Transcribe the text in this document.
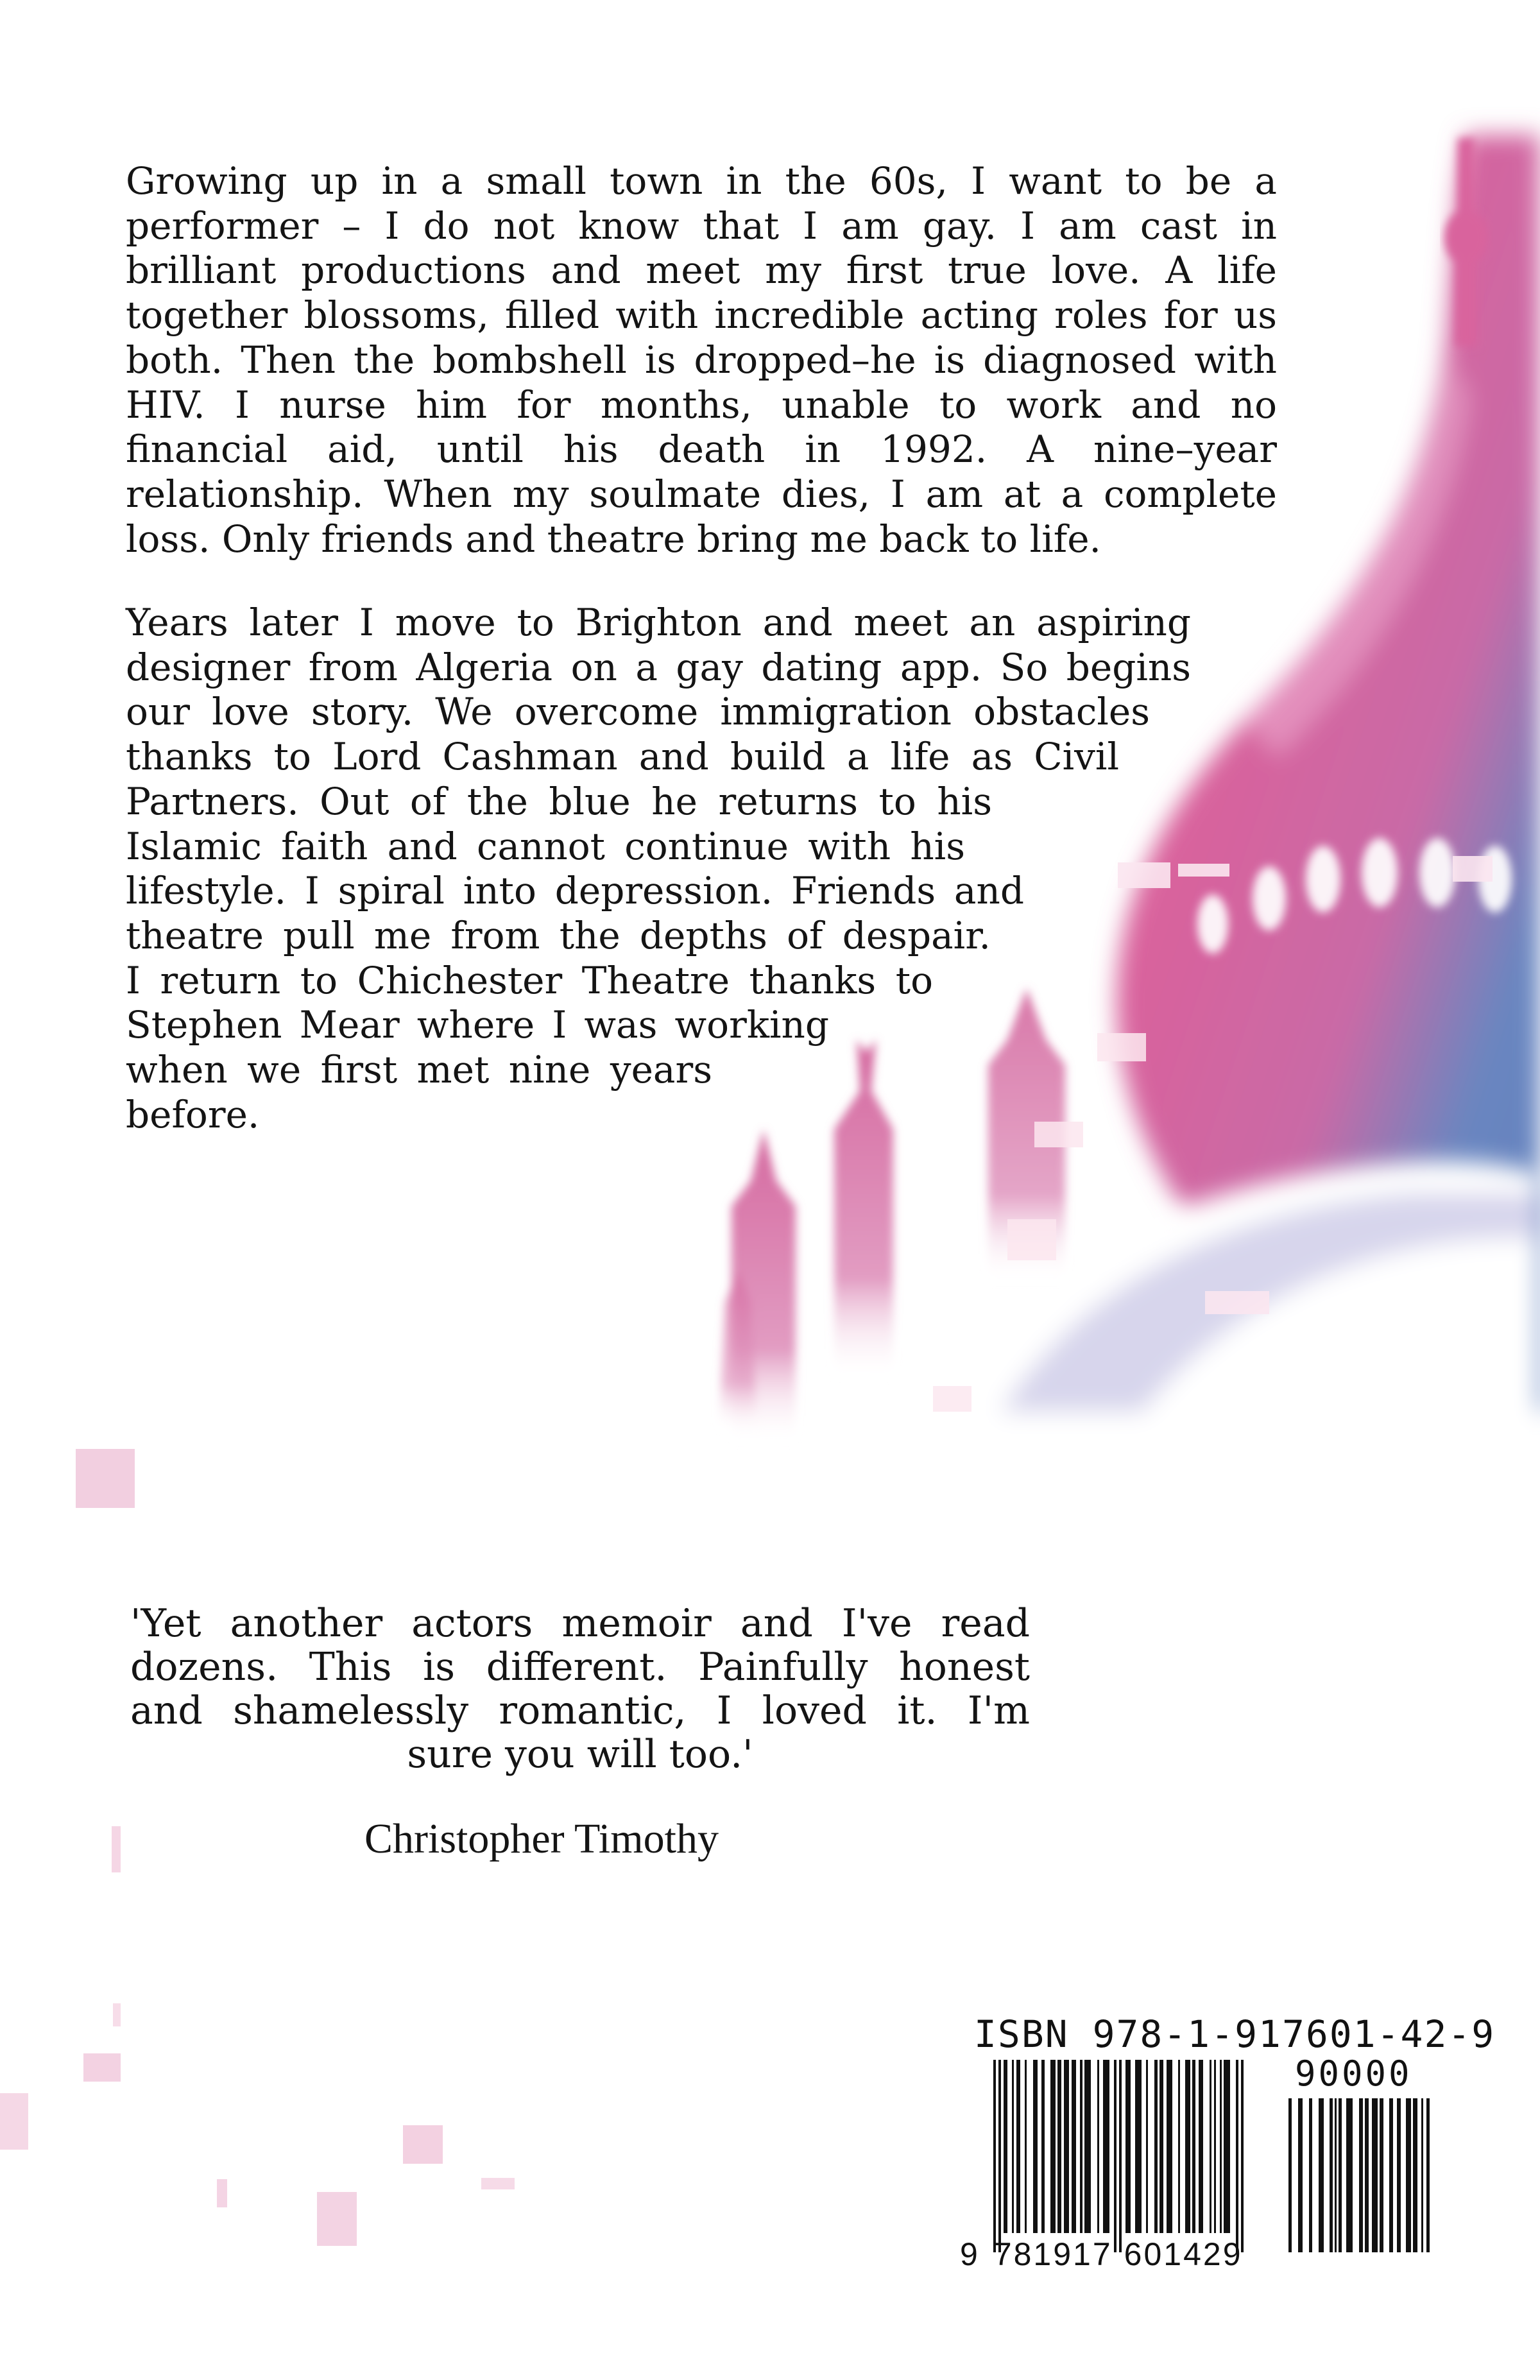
Growing up in a small town in the 60s, I want to be a
performer – I do not know that I am gay. I am cast in
brilliant productions and meet my first true love. A life
together blossoms, filled with incredible acting roles for us
both. Then the bombshell is dropped–he is diagnosed with
HIV. I nurse him for months, unable to work and no
financial aid, until his death in 1992. A nine–year
relationship. When my soulmate dies, I am at a complete
loss. Only friends and theatre bring me back to life.
Years later I move to Brighton and meet an aspiring
designer from Algeria on a gay dating app. So begins
our love story. We overcome immigration obstacles
thanks to Lord Cashman and build a life as Civil
Partners. Out of the blue he returns to his
Islamic faith and cannot continue with his
lifestyle. I spiral into depression. Friends and
theatre pull me from the depths of despair.
I return to Chichester Theatre thanks to
Stephen Mear where I was working
when we first met nine years
before.
'Yet another actors memoir and I've read
dozens. This is different. Painfully honest
and shamelessly romantic, I loved it. I'm
sure you will too.'
Christopher Timothy
ISBN 978-1-917601-42-9
90000
9 781917 601429
